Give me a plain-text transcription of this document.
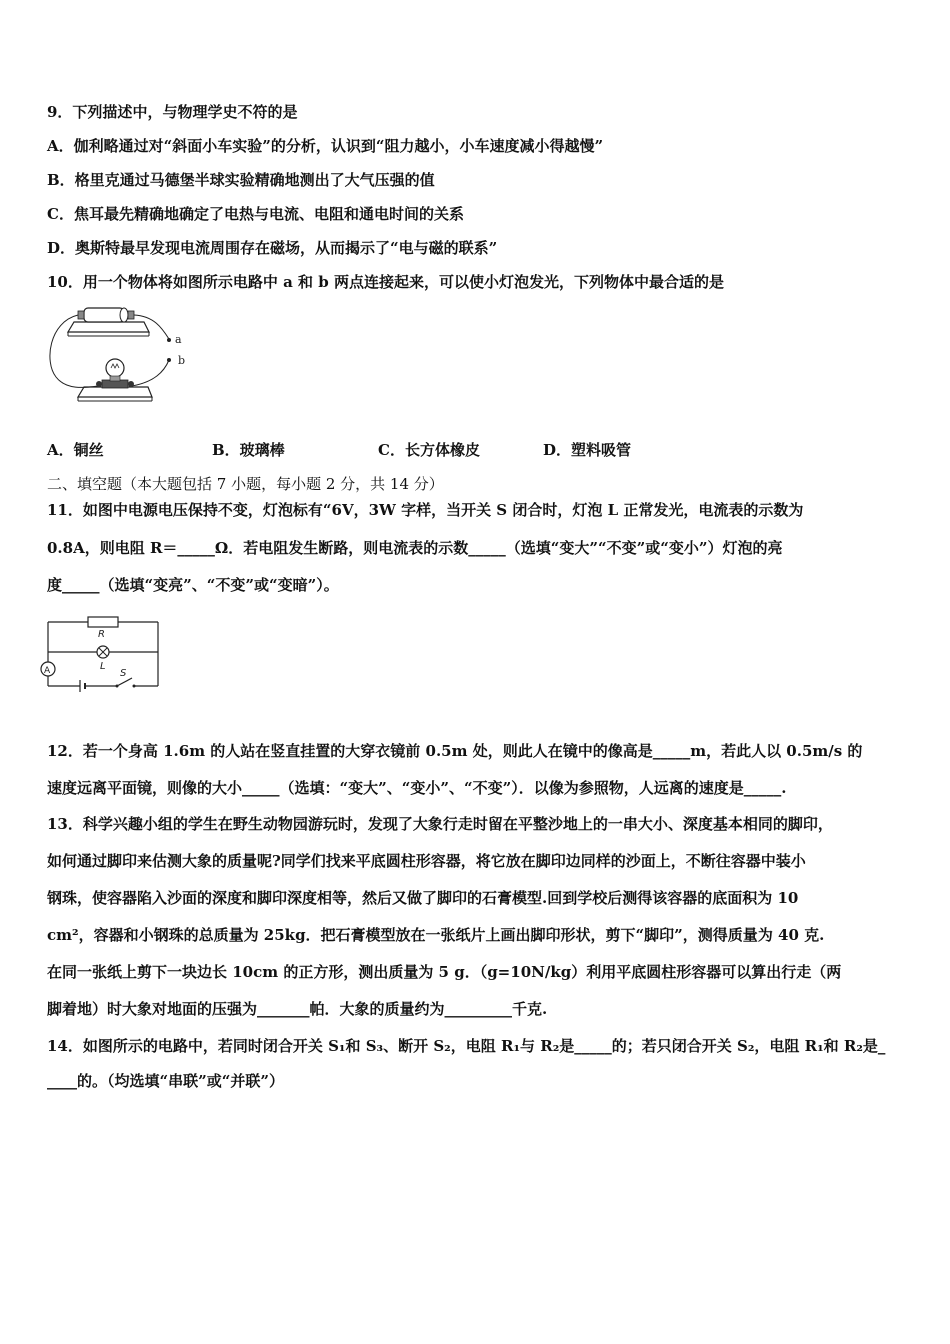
9．下列描述中，与物理学史不符的是
A．伽利略通过对“斜面小车实验”的分析，认识到“阻力越小，小车速度减小得越慢”
B．格里克通过马德堡半球实验精确地测出了大气压强的值
C．焦耳最先精确地确定了电热与电流、电阻和通电时间的关系
D．奥斯特最早发现电流周围存在磁场，从而揭示了“电与磁的联系”
10．用一个物体将如图所示电路中 a 和 b 两点连接起来，可以使小灯泡发光，下列物体中最合适的是
a
b
A．铜丝	B．玻璃棒	C．长方体橡皮	D．塑料吸管
二、填空题（本大题包括 7 小题，每小题 2 分，共 14 分）
11．如图中电源电压保持不变，灯泡标有“6V，3W 字样，当开关 S 闭合时，灯泡 L 正常发光，电流表的示数为
0.8A，则电阻 R＝_____Ω．若电阻发生断路，则电流表的示数_____（选填“变大”“不变”或“变小”）灯泡的亮
度_____（选填“变亮”、“不变”或“变暗”）。
R
L
A	S
12．若一个身高 1.6m 的人站在竖直挂置的大穿衣镜前 0.5m 处，则此人在镜中的像高是_____m，若此人以 0.5m/s 的
速度远离平面镜，则像的大小_____（选填：“变大”、“变小”、“不变”）．以像为参照物，人远离的速度是_____.
13．科学兴趣小组的学生在野生动物园游玩时，发现了大象行走时留在平整沙地上的一串大小、深度基本相同的脚印，
如何通过脚印来估测大象的质量呢?同学们找来平底圆柱形容器，将它放在脚印边同样的沙面上，不断往容器中装小
钢珠，使容器陷入沙面的深度和脚印深度相等，然后又做了脚印的石膏模型.回到学校后测得该容器的底面积为 10
cm²，容器和小钢珠的总质量为 25kg．把石膏模型放在一张纸片上画出脚印形状，剪下“脚印”，测得质量为 40 克.
在同一张纸上剪下一块边长 10cm 的正方形，测出质量为 5 g．（g=10N/kg）利用平底圆柱形容器可以算出行走（两
脚着地）时大象对地面的压强为_______帕．大象的质量约为_________千克.
14．如图所示的电路中，若同时闭合开关 S₁和 S₃、断开 S₂，电阻 R₁与 R₂是_____的；若只闭合开关 S₂，电阻 R₁和 R₂是_
____的。（均选填“串联”或“并联”）
